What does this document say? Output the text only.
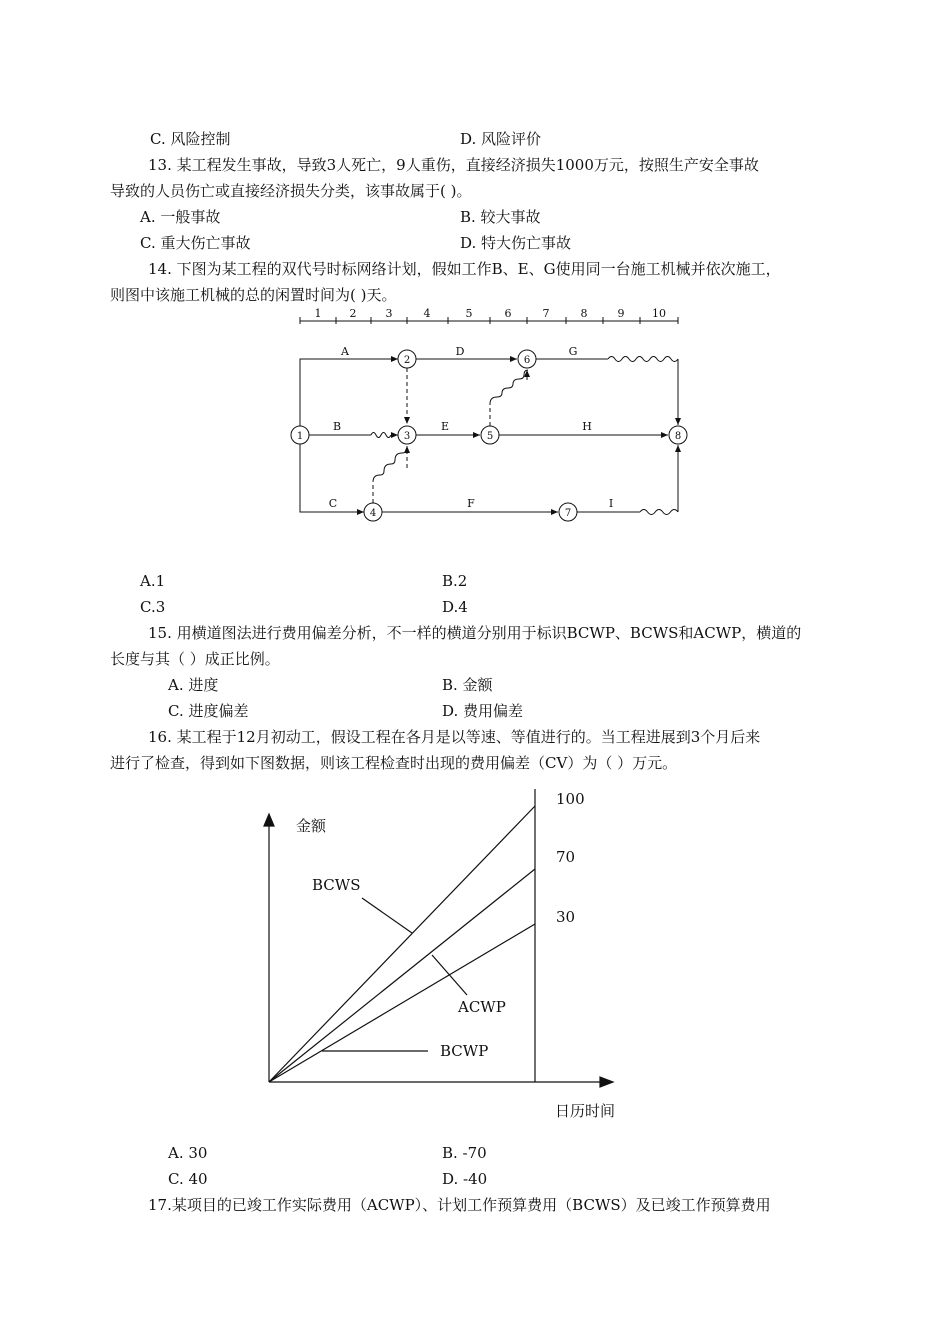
C. 风险控制	D. 风险评价
13. 某工程发生事故，导致3人死亡，9人重伤，直接经济损失1000万元，按照生产安全事故
导致的人员伤亡或直接经济损失分类，该事故属于( )。
A. 一般事故	B. 较大事故
C. 重大伤亡事故	D. 特大伤亡事故
14. 下图为某工程的双代号时标网络计划，假如工作B、E、G使用同一台施工机械并依次施工，
则图中该施工机械的总的闲置时间为( )天。
1	2	3	4	5	6	7	8	9	10
A
B
C
D
E
F
G
H
I
1
2
3
4
5
6
7
8
A.1	B.2
C.3	D.4
15. 用横道图法进行费用偏差分析，不一样的横道分别用于标识BCWP、BCWS和ACWP，横道的
长度与其（ ）成正比例。
A. 进度	B. 金额
C. 进度偏差	D. 费用偏差
16. 某工程于12月初动工，假设工程在各月是以等速、等值进行的。当工程进展到3个月后来
进行了检查，得到如下图数据，则该工程检查时出现的费用偏差（CV）为（ ）万元。
金额
日历时间
100
70
30
BCWS
ACWP
BCWP
A. 30	B. -70
C. 40	D. -40
17.某项目的已竣工作实际费用（ACWP）、计划工作预算费用（BCWS）及已竣工作预算费用
